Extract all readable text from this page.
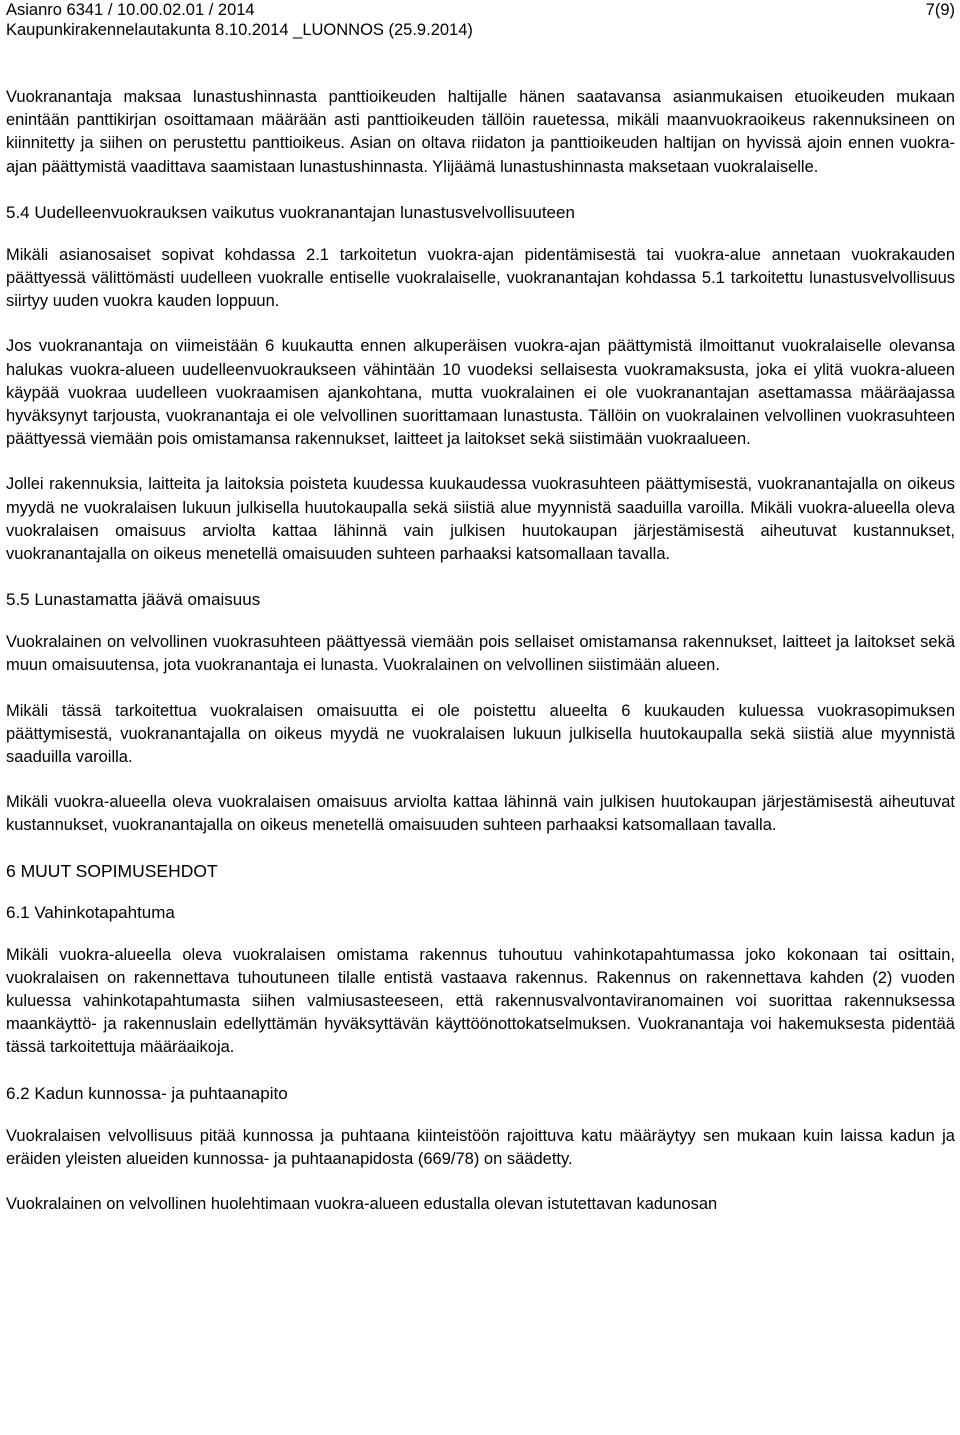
Asianro 6341 / 10.00.02.01 / 2014
Kaupunkirakennelautakunta 8.10.2014 _LUONNOS (25.9.2014)
7(9)

Vuokranantaja maksaa lunastushinnasta panttioikeuden haltijalle hänen saatavansa asianmukaisen etuoikeuden mukaan enintään panttikirjan osoittamaan määrään asti panttioikeuden tällöin rauetessa, mikäli maanvuokraoikeus rakennuksineen on kiinnitetty ja siihen on perustettu panttioikeus. Asian on oltava riidaton ja panttioikeuden haltijan on hyvissä ajoin ennen vuokra-ajan päättymistä vaadittava saamistaan lunastushinnasta. Ylijäämä lunastushinnasta maksetaan vuokralaiselle.

5.4 Uudelleenvuokrauksen vaikutus vuokranantajan lunastusvelvollisuuteen

Mikäli asianosaiset sopivat kohdassa 2.1 tarkoitetun vuokra-ajan pidentämisestä tai vuokra-alue annetaan vuokrakauden päättyessä välittömästi uudelleen vuokralle entiselle vuokralaiselle, vuokranantajan kohdassa 5.1 tarkoitettu lunastusvelvollisuus siirtyy uuden vuokra kauden loppuun.

Jos vuokranantaja on viimeistään 6 kuukautta ennen alkuperäisen vuokra-ajan päättymistä ilmoittanut vuokralaiselle olevansa halukas vuokra-alueen uudelleenvuokraukseen vähintään 10 vuodeksi sellaisesta vuokramaksusta, joka ei ylitä vuokra-alueen käypää vuokraa uudelleen vuokraamisen ajankohtana, mutta vuokralainen ei ole vuokranantajan asettamassa määräajassa hyväksynyt tarjousta, vuokranantaja ei ole velvollinen suorittamaan lunastusta. Tällöin on vuokralainen velvollinen vuokrasuhteen päättyessä viemään pois omistamansa rakennukset, laitteet ja laitokset sekä siistimään vuokraalueen.

Jollei rakennuksia, laitteita ja laitoksia poisteta kuudessa kuukaudessa vuokrasuhteen päättymisestä, vuokranantajalla on oikeus myydä ne vuokralaisen lukuun julkisella huutokaupalla sekä siistiä alue myynnistä saaduilla varoilla. Mikäli vuokra-alueella oleva vuokralaisen omaisuus arviolta kattaa lähinnä vain julkisen huutokaupan järjestämisestä aiheutuvat kustannukset, vuokranantajalla on oikeus menetellä omaisuuden suhteen parhaaksi katsomallaan tavalla.

5.5 Lunastamatta jäävä omaisuus

Vuokralainen on velvollinen vuokrasuhteen päättyessä viemään pois sellaiset omistamansa rakennukset, laitteet ja laitokset sekä muun omaisuutensa, jota vuokranantaja ei lunasta. Vuokralainen on velvollinen siistimään alueen.

Mikäli tässä tarkoitettua vuokralaisen omaisuutta ei ole poistettu alueelta 6 kuukauden kuluessa vuokrasopimuksen päättymisestä, vuokranantajalla on oikeus myydä ne vuokralaisen lukuun julkisella huutokaupalla sekä siistiä alue myynnistä saaduilla varoilla.

Mikäli vuokra-alueella oleva vuokralaisen omaisuus arviolta kattaa lähinnä vain julkisen huutokaupan järjestämisestä aiheutuvat kustannukset, vuokranantajalla on oikeus menetellä omaisuuden suhteen parhaaksi katsomallaan tavalla.

6 MUUT SOPIMUSEHDOT
6.1 Vahinkotapahtuma

Mikäli vuokra-alueella oleva vuokralaisen omistama rakennus tuhoutuu vahinkotapahtumassa joko kokonaan tai osittain, vuokralaisen on rakennettava tuhoutuneen tilalle entistä vastaava rakennus. Rakennus on rakennettava kahden (2) vuoden kuluessa vahinkotapahtumasta siihen valmiusasteeseen, että rakennusvalvontaviranomainen voi suorittaa rakennuksessa maankäyttö- ja rakennuslain edellyttämän hyväksyttävän käyttöönottokatselmuksen. Vuokranantaja voi hakemuksesta pidentää tässä tarkoitettuja määräaikoja.

6.2 Kadun kunnossa- ja puhtaanapito

Vuokralaisen velvollisuus pitää kunnossa ja puhtaana kiinteistöön rajoittuva katu määräytyy sen mukaan kuin laissa kadun ja eräiden yleisten alueiden kunnossa- ja puhtaanapidosta (669/78) on säädetty.

Vuokralainen on velvollinen huolehtimaan vuokra-alueen edustalla olevan istutettavan kadunosan
